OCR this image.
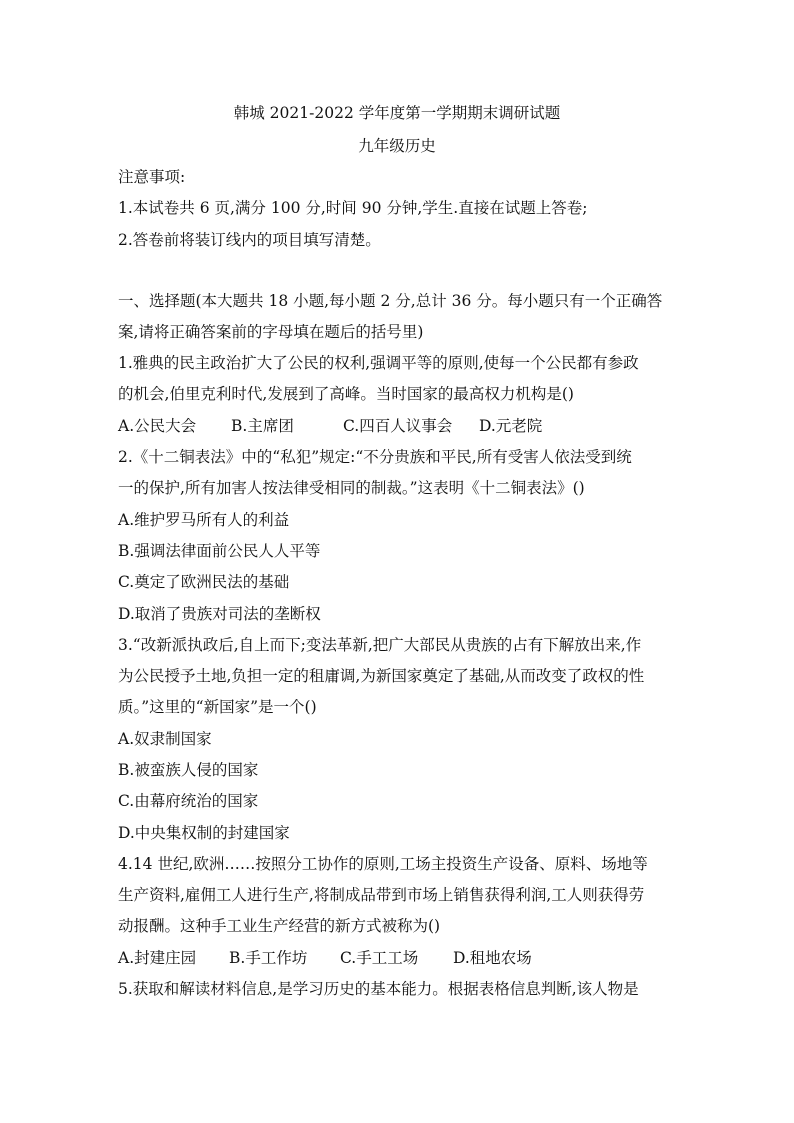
韩城 2021-2022 学年度第一学期期末调研试题
九年级历史
注意事项:
1.本试卷共 6 页,满分 100 分,时间 90 分钟,学生.直接在试题上答卷;
2.答卷前将装订线内的项目填写清楚。
一、选择题(本大题共 18 小题,每小题 2 分,总计 36 分。每小题只有一个正确答
案,请将正确答案前的字母填在题后的括号里)
1.雅典的民主政治扩大了公民的权利,强调平等的原则,使每一个公民都有参政
的机会,伯里克利时代,发展到了高峰。当时国家的最高权力机构是()
A.公民大会 B.主席团	C.四百人议事会 D.元老院
2.《十二铜表法》中的“私犯”规定:“不分贵族和平民,所有受害人依法受到统
一的保护,所有加害人按法律受相同的制裁。”这表明《十二铜表法》()
A.维护罗马所有人的利益
B.强调法律面前公民人人平等
C.奠定了欧洲民法的基础
D.取消了贵族对司法的垄断权
3.“改新派执政后,自上而下;变法革新,把广大部民从贵族的占有下解放出来,作
为公民授予土地,负担一定的租庸调,为新国家奠定了基础,从而改变了政权的性
质。”这里的“新国家”是一个()
A.奴隶制国家
B.被蛮族人侵的国家
C.由幕府统治的国家
D.中央集权制的封建国家
4.14 世纪,欧洲……按照分工协作的原则,工场主投资生产设备、原料、场地等
生产资料,雇佣工人进行生产,将制成品带到市场上销售获得利润,工人则获得劳
动报酬。这种手工业生产经营的新方式被称为()
A.封建庄园 B.手工作坊 C.手工工场 D.租地农场
5.获取和解读材料信息,是学习历史的基本能力。根据表格信息判断,该人物是
